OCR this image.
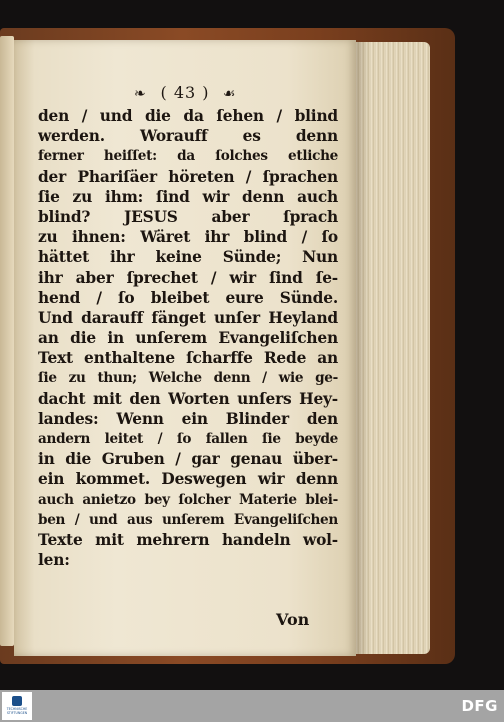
❧ ( 43 ) ☙
den / und die da ſehen / blind
werden. Worauff es denn
ferner heiſſet: da ſolches etliche
der Phariſäer höreten / ſprachen
ſie zu ihm: ſind wir denn auch
blind? JESUS aber ſprach
zu ihnen: Wäret ihr blind / ſo
hättet ihr keine Sünde; Nun
ihr aber ſprechet / wir ſind ſe-
hend / ſo bleibet eure Sünde.
Und darauff fänget unſer Heyland
an die in unſerem Evangeliſchen
Text enthaltene ſcharffe Rede an
ſie zu thun; Welche denn / wie ge-
dacht mit den Worten unſers Hey-
landes: Wenn ein Blinder den
andern leitet / ſo fallen ſie beyde
in die Gruben / gar genau über-
ein kommet. Deswegen wir denn
auch anietzo bey ſolcher Materie blei-
ben / und aus unſerem Evangeliſchen
Texte mit mehrern handeln wol-
len:
Von
TECHNISCHE STIFTUNGEN	DFG
